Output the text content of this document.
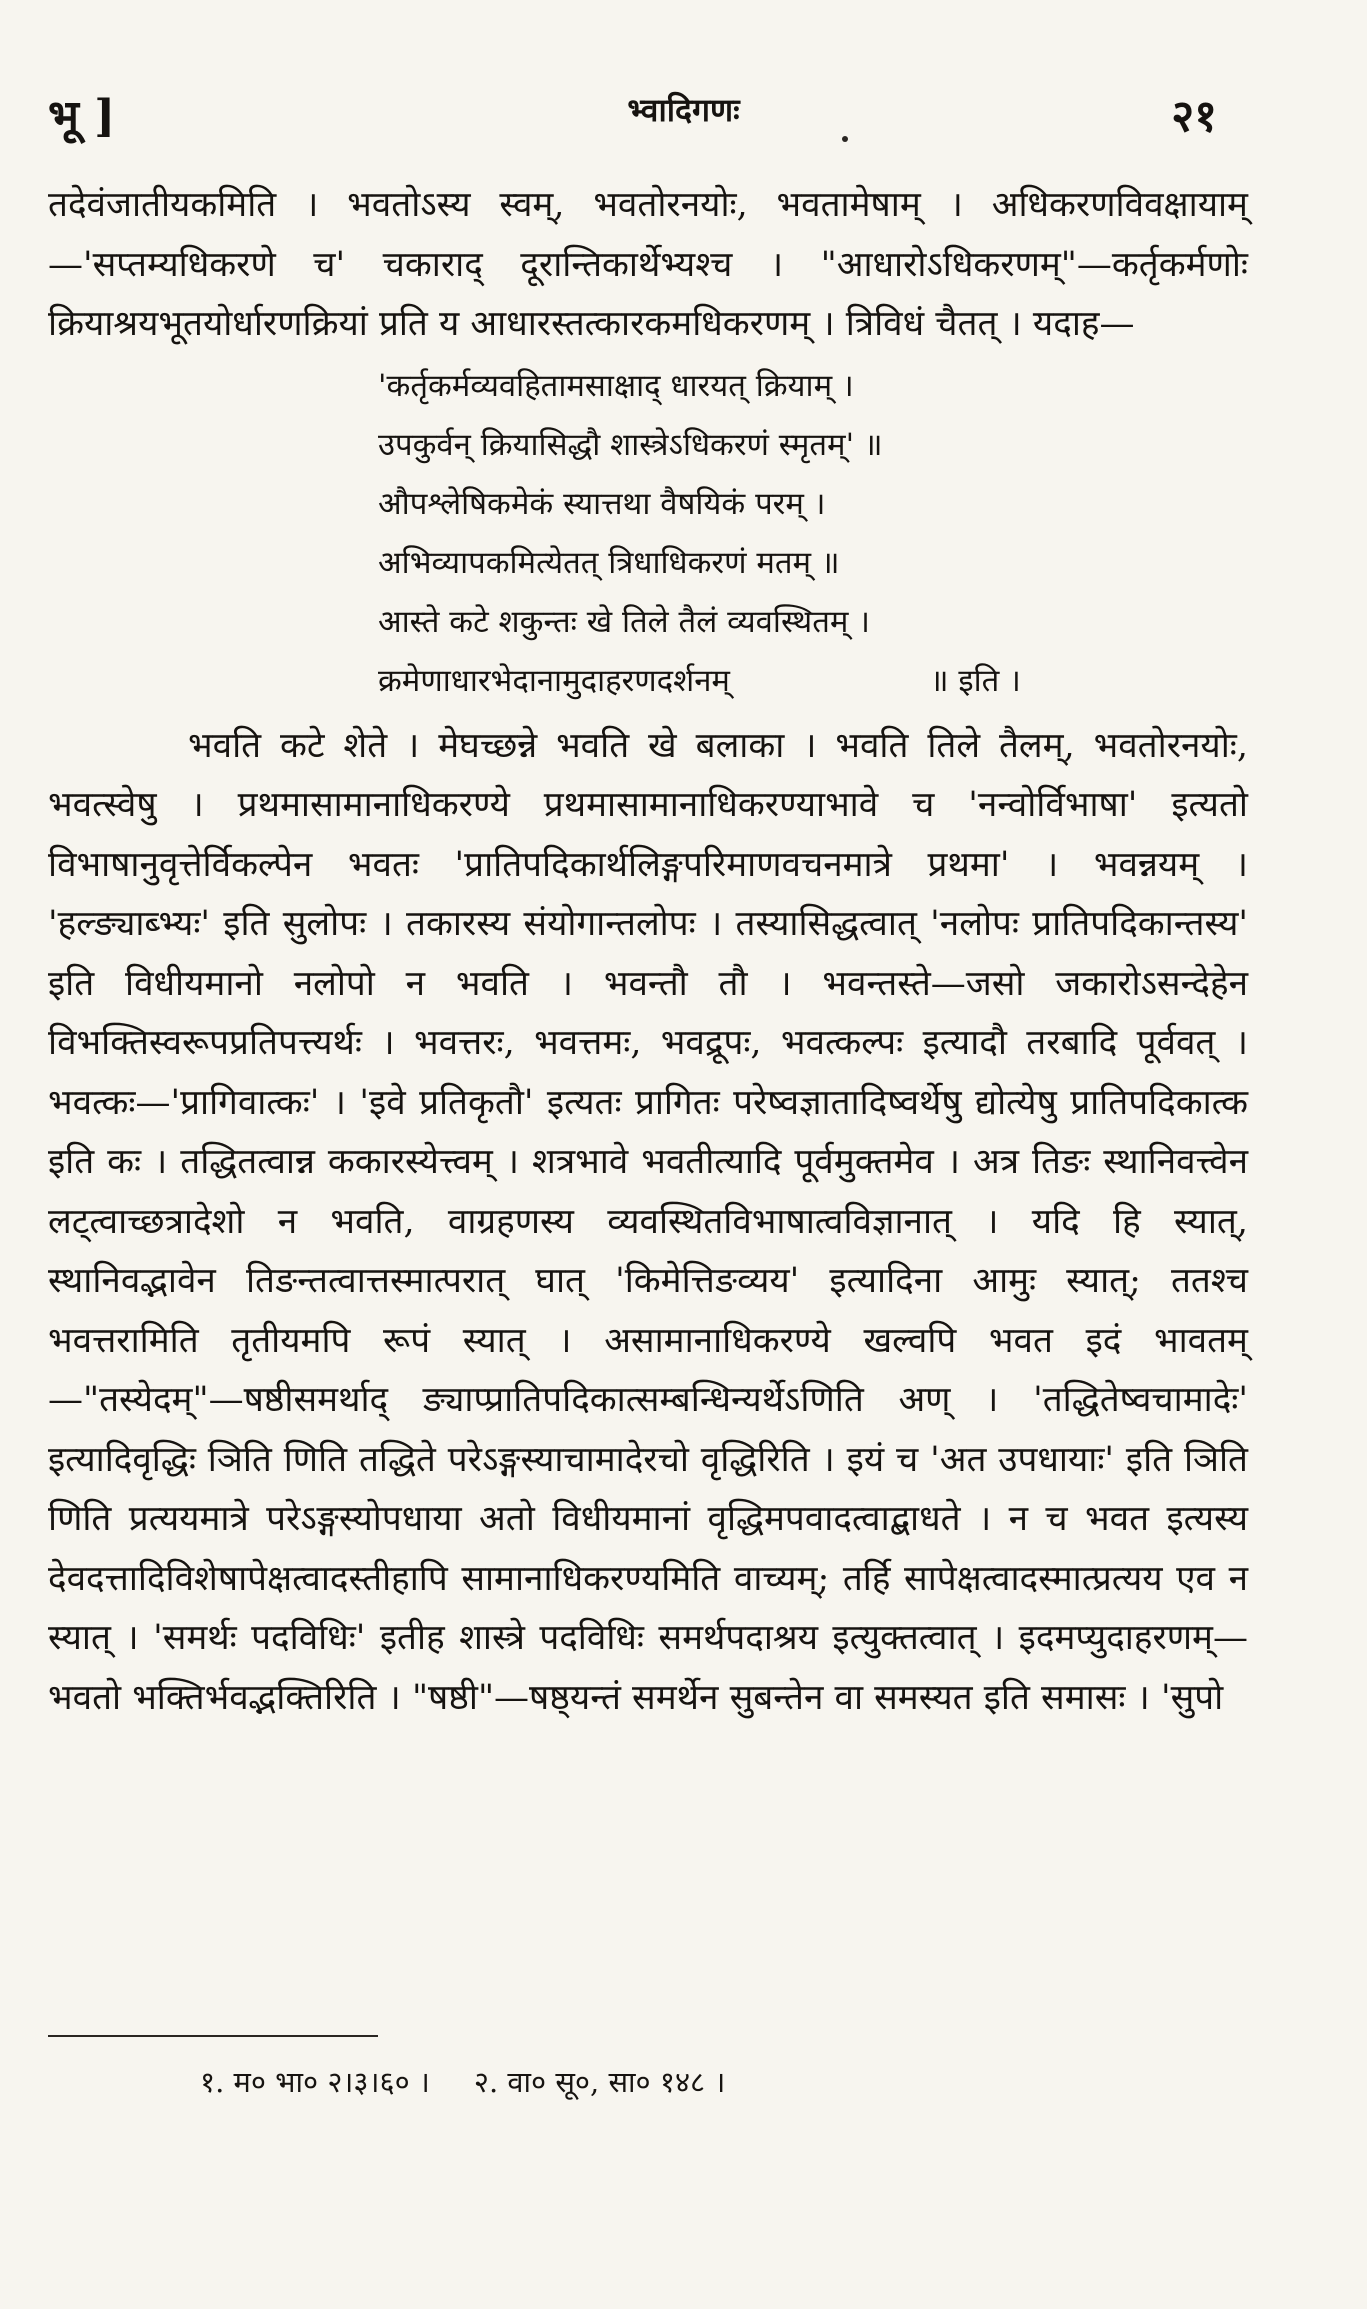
भू ]	भ्वादिगणः	२१

तदेवंजातीयकमिति । भवतोऽस्य स्वम्, भवतोरनयोः, भवतामेषाम् । अधिकरणविवक्षायाम्—'सप्तम्यधिकरणे च' चकाराद् दूरान्तिकार्थेभ्यश्च । "आधारोऽधिकरणम्"—कर्तृकर्मणोः क्रियाश्रयभूतयोर्धारणक्रियां प्रति य आधारस्तत्कारकमधिकरणम् । त्रिविधं चैतत् । यदाह—

'कर्तृकर्मव्यवहितामसाक्षाद् धारयत् क्रियाम् ।
उपकुर्वन् क्रियासिद्धौ शास्त्रेऽधिकरणं स्मृतम्' ॥
औपश्लेषिकमेकं स्यात्तथा वैषयिकं परम् ।
अभिव्यापकमित्येतत् त्रिधाधिकरणं मतम् ॥
आस्ते कटे शकुन्तः खे तिले तैलं व्यवस्थितम् ।
क्रमेणाधारभेदानामुदाहरणदर्शनम्	॥ इति ।

भवति कटे शेते । मेघच्छन्ने भवति खे बलाका । भवति तिले तैलम्, भवतोरनयोः, भवत्स्वेषु । प्रथमासामानाधिकरण्ये प्रथमासामानाधिकरण्याभावे च 'नन्वोर्विभाषा' इत्यतो विभाषानुवृत्तेर्विकल्पेन भवतः 'प्रातिपदिकार्थलिङ्गपरिमाणवचनमात्रे प्रथमा' । भवन्नयम् । 'हल्ङ्याब्भ्यः' इति सुलोपः । तकारस्य संयोगान्तलोपः । तस्यासिद्धत्वात् 'नलोपः प्रातिपदिकान्तस्य' इति विधीयमानो नलोपो न भवति । भवन्तौ तौ । भवन्तस्ते—जसो जकारोऽसन्देहेन विभक्तिस्वरूपप्रतिपत्त्यर्थः । भवत्तरः, भवत्तमः, भवद्रूपः, भवत्कल्पः इत्यादौ तरबादि पूर्ववत् । भवत्कः—'प्रागिवात्कः' । 'इवे प्रतिकृतौ' इत्यतः प्रागितः परेष्वज्ञातादिष्वर्थेषु द्योत्येषु प्रातिपदिकात्क इति कः । तद्धितत्वान्न ककारस्येत्त्वम् । शत्रभावे भवतीत्यादि पूर्वमुक्तमेव । अत्र तिङः स्थानिवत्त्वेन लट्त्वाच्छत्रादेशो न भवति, वाग्रहणस्य व्यवस्थितविभाषात्वविज्ञानात् । यदि हि स्यात्, स्थानिवद्भावेन तिङन्तत्वात्तस्मात्परात् घात् 'किमेत्तिङव्यय' इत्यादिना आमुः स्यात्; ततश्च भवत्तरामिति तृतीयमपि रूपं स्यात् । असामानाधिकरण्ये खल्वपि भवत इदं भावतम्—"तस्येदम्"—षष्ठीसमर्थाद् ङ्याप्प्रातिपदिकात्सम्बन्धिन्यर्थेऽणिति अण् । 'तद्धितेष्वचामादेः' इत्यादिवृद्धिः ञिति णिति तद्धिते परेऽङ्गस्याचामादेरचो वृद्धिरिति । इयं च 'अत उपधायाः' इति ञिति णिति प्रत्ययमात्रे परेऽङ्गस्योपधाया अतो विधीयमानां वृद्धिमपवादत्वाद्बाधते । न च भवत इत्यस्य देवदत्तादिविशेषापेक्षत्वादस्तीहापि सामानाधिकरण्यमिति वाच्यम्; तर्हि सापेक्षत्वादस्मात्प्रत्यय एव न स्यात् । 'समर्थः पदविधिः' इतीह शास्त्रे पदविधिः समर्थपदाश्रय इत्युक्तत्वात् । इदमप्युदाहरणम्—भवतो भक्तिर्भवद्भक्तिरिति । "षष्ठी"—षष्ठ्यन्तं समर्थेन सुबन्तेन वा समस्यत इति समासः । 'सुपो

१. म० भा० २।३।६० । २. वा० सू०, सा० १४८ ।
